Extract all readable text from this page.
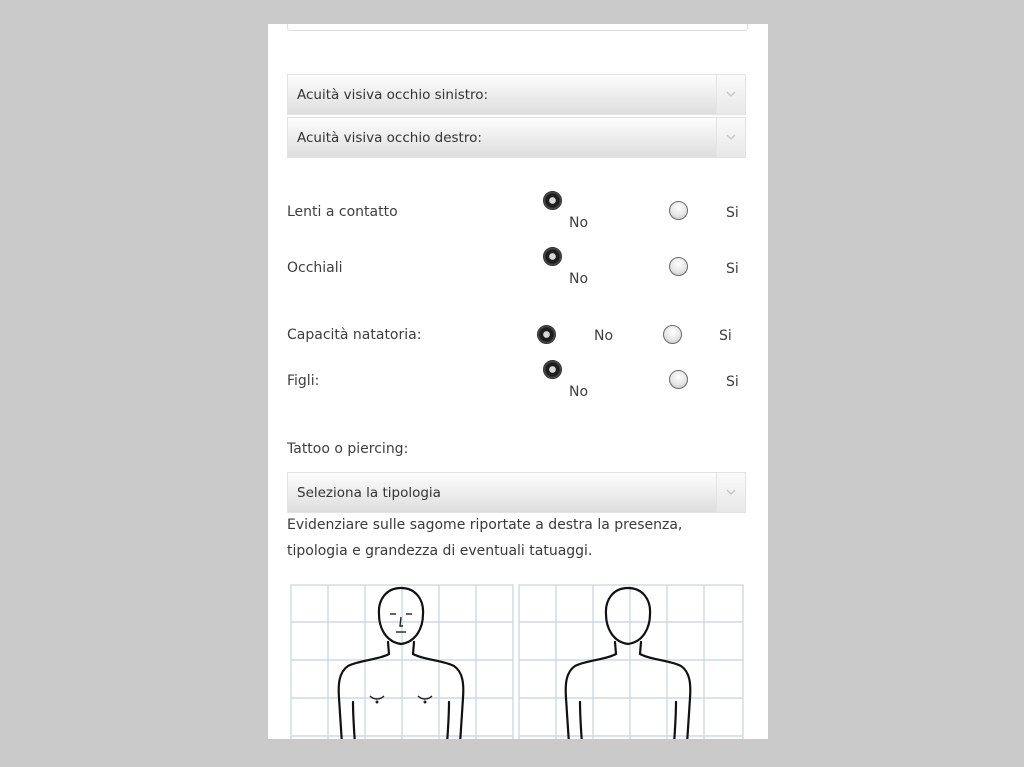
Acuità visiva occhio sinistro:
Acuità visiva occhio destro:
Lenti a contatto
No
Si
Occhiali
No
Si
Capacità natatoria:	No	Si
Figli:
No
Si
Tattoo o piercing:
Seleziona la tipologia
Evidenziare sulle sagome riportate a destra la presenza,
tipologia e grandezza di eventuali tatuaggi.
